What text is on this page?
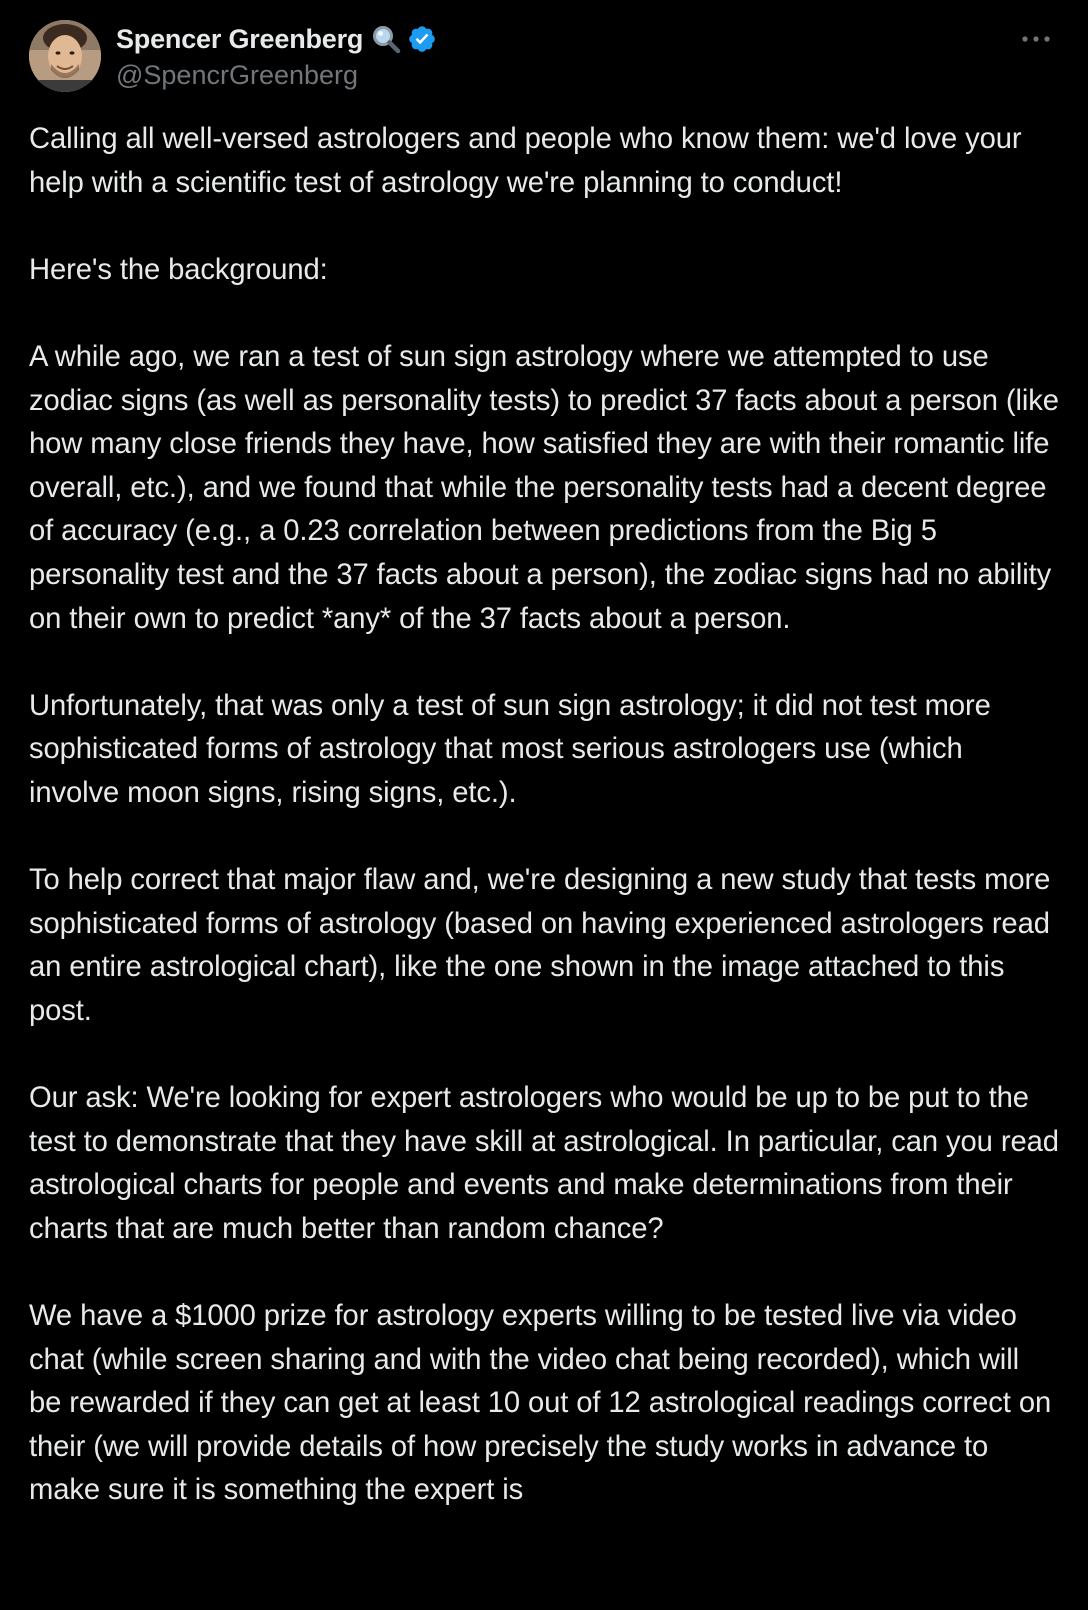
Spencer Greenberg
@SpencrGreenberg

Calling all well-versed astrologers and people who know them: we'd love your help with a scientific test of astrology we're planning to conduct!

Here's the background:

A while ago, we ran a test of sun sign astrology where we attempted to use zodiac signs (as well as personality tests) to predict 37 facts about a person (like how many close friends they have, how satisfied they are with their romantic life overall, etc.), and we found that while the personality tests had a decent degree of accuracy (e.g., a 0.23 correlation between predictions from the Big 5 personality test and the 37 facts about a person), the zodiac signs had no ability on their own to predict *any* of the 37 facts about a person.

Unfortunately, that was only a test of sun sign astrology; it did not test more sophisticated forms of astrology that most serious astrologers use (which involve moon signs, rising signs, etc.).

To help correct that major flaw and, we're designing a new study that tests more sophisticated forms of astrology (based on having experienced astrologers read an entire astrological chart), like the one shown in the image attached to this post.

Our ask: We're looking for expert astrologers who would be up to be put to the test to demonstrate that they have skill at astrological. In particular, can you read astrological charts for people and events and make determinations from their charts that are much better than random chance?

We have a $1000 prize for astrology experts willing to be tested live via video chat (while screen sharing and with the video chat being recorded), which will be rewarded if they can get at least 10 out of 12 astrological readings correct on their (we will provide details of how precisely the study works in advance to make sure it is something the expert is
